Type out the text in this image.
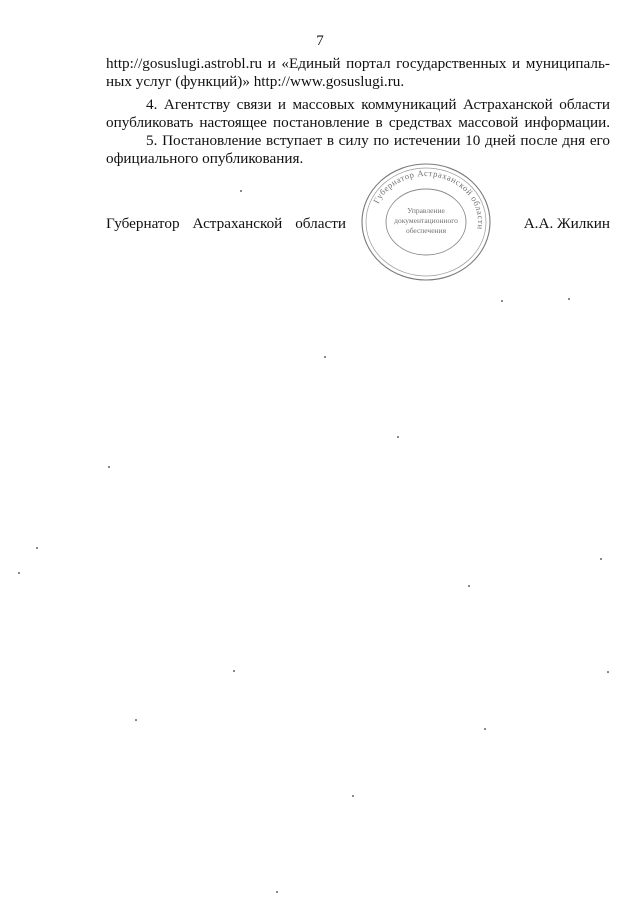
7
http://gosuslugi.astrobl.ru и «Единый портал государственных и муниципаль-
ных услуг (функций)» http://www.gosuslugi.ru.
4. Агентству связи и массовых коммуникаций Астраханской области
опубликовать настоящее постановление в средствах массовой информации.
5. Постановление вступает в силу по истечении 10 дней после дня его
официального опубликования.
Губернатор Астраханской области
Губернатор Астраханской области
Управление
документационного
обеспечения	А.А. Жилкин
